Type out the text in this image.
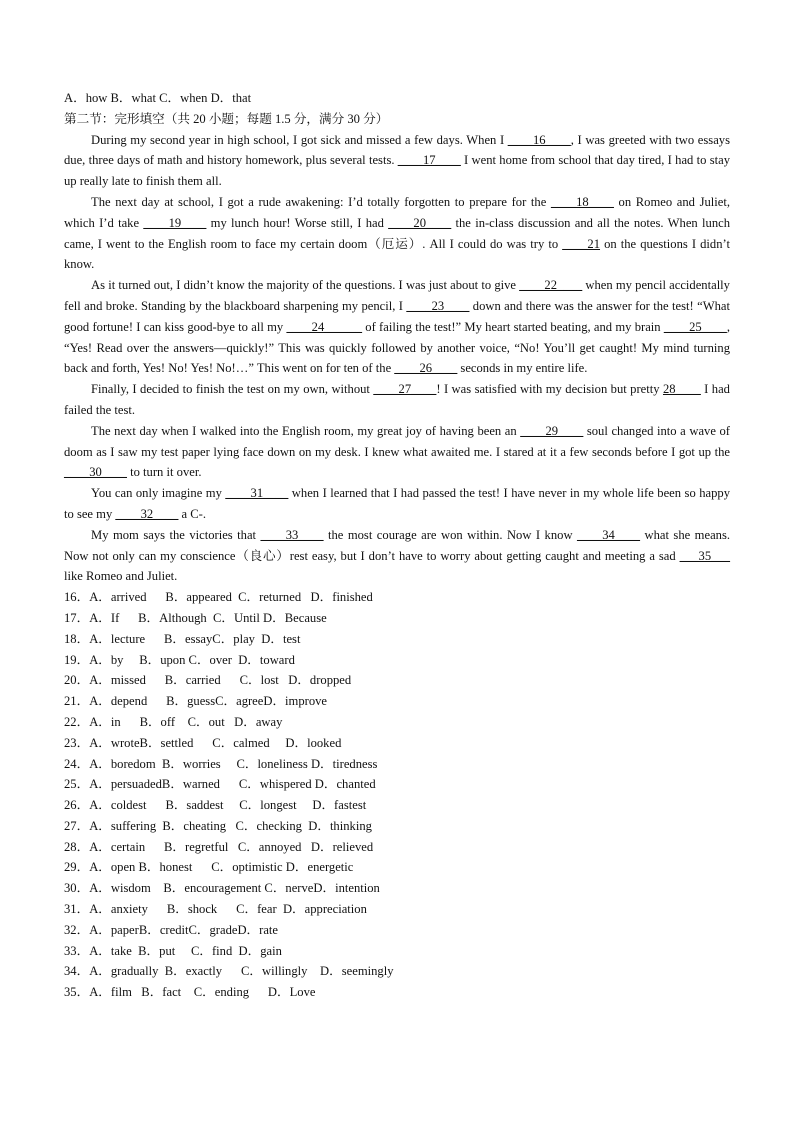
A．how B．what C．when D．that
第二节：完形填空（共 20 小题；每题 1.5 分，满分 30 分）

During my second year in high school, I got sick and missed a few days. When I ____16____, I was greeted with two essays due, three days of math and history homework, plus several tests. ____17____ I went home from school that day tired, I had to stay up really late to finish them all.

The next day at school, I got a rude awakening: I’d totally forgotten to prepare for the ____18____ on Romeo and Juliet, which I’d take ____19____ my lunch hour! Worse still, I had ____20____ the in-class discussion and all the notes. When lunch came, I went to the English room to face my certain doom（厄运）. All I could do was try to ____21 on the questions I didn’t know.

As it turned out, I didn’t know the majority of the questions. I was just about to give ____22____ when my pencil accidentally fell and broke. Standing by the blackboard sharpening my pencil, I ____23____ down and there was the answer for the test! “What good fortune! I can kiss good-bye to all my ____24______ of failing the test!” My heart started beating, and my brain ____25____, “Yes! Read over the answers—quickly!” This was quickly followed by another voice, “No! You’ll get caught! My mind turning back and forth, Yes! No! Yes! No!…” This went on for ten of the ____26____ seconds in my entire life.

Finally, I decided to finish the test on my own, without ____27____! I was satisfied with my decision but pretty 28____ I had failed the test.

The next day when I walked into the English room, my great joy of having been an ____29____ soul changed into a wave of doom as I saw my test paper lying face down on my desk. I knew what awaited me. I stared at it a few seconds before I got up the ____30____ to turn it over.

You can only imagine my ____31____ when I learned that I had passed the test! I have never in my whole life been so happy to see my ____32____ a C-.

My mom says the victories that ____33____ the most courage are won within. Now I know ____34____ what she means. Now not only can my conscience（良心）rest easy, but I don’t have to worry about getting caught and meeting a sad ___35___ like Romeo and Juliet.

16．A．arrived      B．appeared  C．returned   D．finished
17．A．If      B．Although  C．Until D．Because
18．A．lecture      B．essayC．play  D．test
19．A．by     B．upon C．over  D．toward
20．A．missed      B．carried      C．lost   D．dropped
21．A．depend      B．guessC．agreeD．improve
22．A．in      B．off    C．out   D．away
23．A．wroteB．settled      C．calmed     D．looked
24．A．boredom  B．worries     C．loneliness D．tiredness
25．A．persuadedB．warned      C．whispered D．chanted
26．A．coldest      B．saddest     C．longest     D．fastest
27．A．suffering  B．cheating   C．checking  D．thinking
28．A．certain      B．regretful   C．annoyed   D．relieved
29．A．open B．honest      C．optimistic D．energetic
30．A．wisdom    B．encouragement C．nerveD．intention
31．A．anxiety      B．shock      C．fear  D．appreciation
32．A．paperB．creditC．gradeD．rate
33．A．take  B．put     C．find  D．gain
34．A．gradually  B．exactly      C．willingly    D．seemingly
35．A．film   B．fact    C．ending      D．Love
